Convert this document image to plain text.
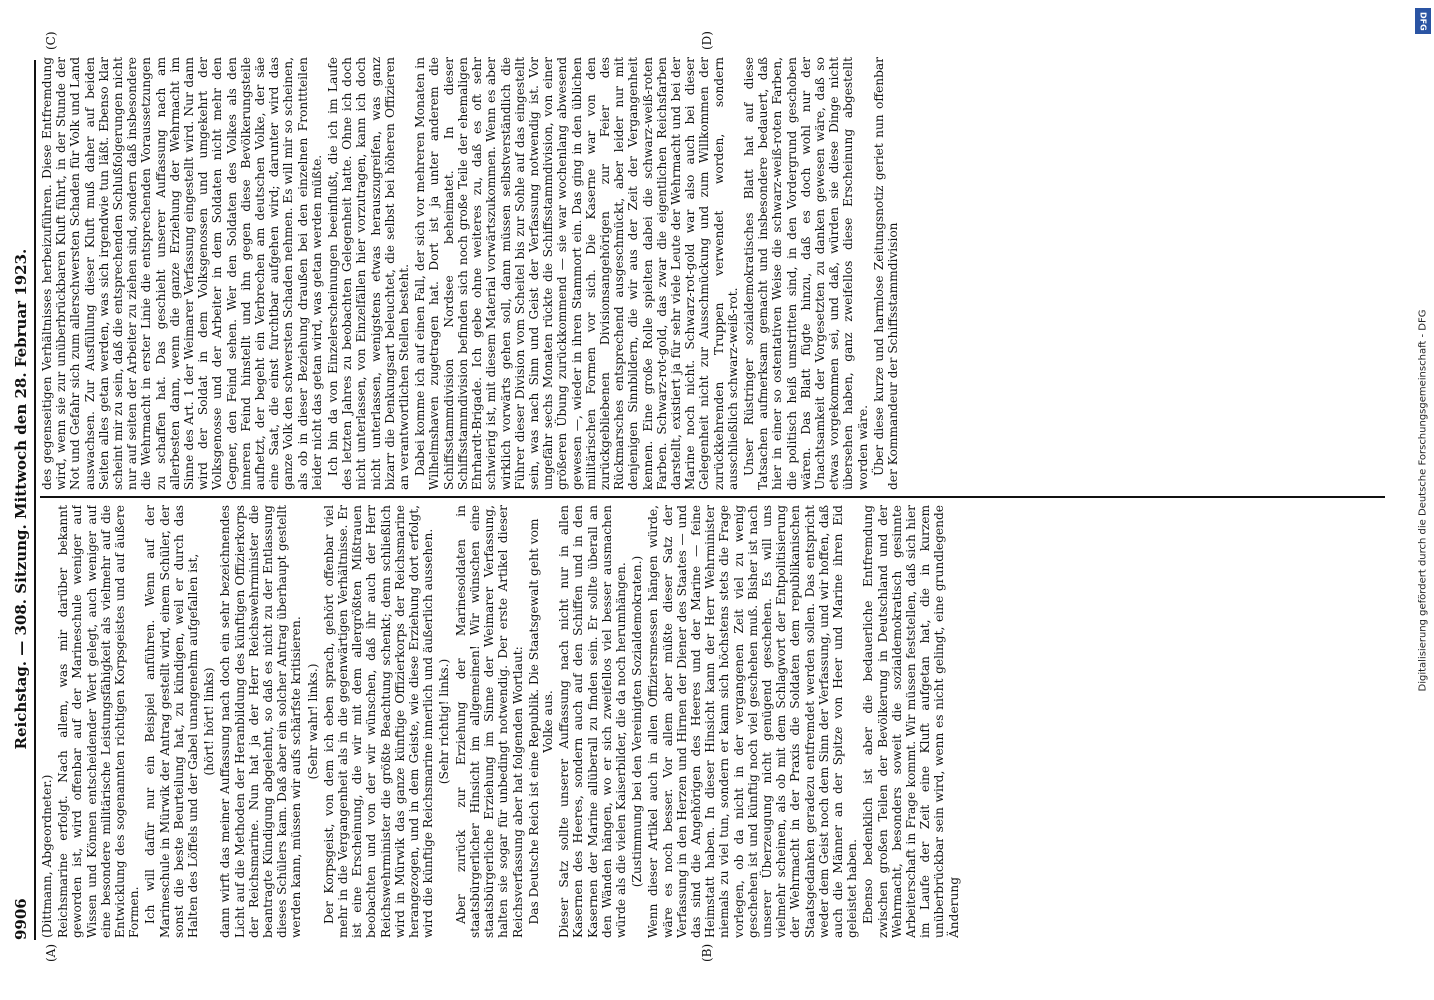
9906
Reichstag. — 308. Sitzung. Mittwoch den 28. Februar 1923.
(A)	(B)
(C)	(D)

(Dittmann, Abgeordneter.) Reichsmarine erfolgt. Nach allem, was mir darüber bekannt geworden ist, wird offenbar auf der Marineschule weniger auf Wissen und Können entscheidender Wert gelegt, auch weniger auf eine besondere militärische Leistungsfähigkeit als vielmehr auf die Entwicklung des sogenannten richtigen Korpsgeistes und auf äußere Formen. Ich will dafür nur ein Beispiel anführen. Wenn auf der Marineschule in Mürwik der Antrag gestellt wird, einem Schüler, der sonst die beste Beurteilung hat, zu kündigen, weil er durch das Halten des Löffels und der Gabel unangenehm aufgefallen ist, (hört! hört! links) dann wirft das meiner Auffassung nach doch ein sehr bezeichnendes Licht auf die Methoden der Heranbildung des künftigen Offizierkorps der Reichsmarine. Nun hat ja der Herr Reichswehrminister die beantragte Kündigung abgelehnt, so daß es nicht zu der Entlassung dieses Schülers kam. Daß aber ein solcher Antrag überhaupt gestellt werden kann, müssen wir aufs schärfste kritisieren. (Sehr wahr! links.) Der Korpsgeist, von dem ich eben sprach, gehört offenbar viel mehr in die Vergangenheit als in die gegenwärtigen Verhältnisse. Er ist eine Erscheinung, die wir mit dem allergrößten Mißtrauen beobachten und von der wir wünschen, daß ihr auch der Herr Reichswehrminister die größte Beachtung schenkt; denn schließlich wird in Mürwik das ganze künftige Offizierkorps der Reichsmarine herangezogen, und in dem Geiste, wie diese Erziehung dort erfolgt, wird die künftige Reichsmarine innerlich und äußerlich aussehen. (Sehr richtig! links.) Aber zurück zur Erziehung der Marinesoldaten in staatsbürgerlicher Hinsicht im allgemeinen! Wir wünschen eine staatsbürgerliche Erziehung im Sinne der Weimarer Verfassung, halten sie sogar für unbedingt notwendig. Der erste Artikel dieser Reichsverfassung aber hat folgenden Wortlaut: Das Deutsche Reich ist eine Republik. Die Staatsgewalt geht vom Volke aus. Dieser Satz sollte unserer Auffassung nach nicht nur in allen Kasernen des Heeres, sondern auch auf den Schiffen und in den Kasernen der Marine allüberall zu finden sein. Er sollte überall an den Wänden hängen, wo er sich zweifellos viel besser ausmachen würde als die vielen Kaiserbilder, die da noch herumhängen. (Zustimmung bei den Vereinigten Sozialdemokraten.) Wenn dieser Artikel auch in allen Offiziersmessen hängen würde, wäre es noch besser. Vor allem aber müßte dieser Satz der Verfassung in den Herzen und Hirnen der Diener des Staates — und das sind die Angehörigen des Heeres und der Marine — feine Heimstatt haben. In dieser Hinsicht kann der Herr Wehrminister niemals zu viel tun, sondern er kann sich höchstens stets die Frage vorlegen, ob da nicht in der vergangenen Zeit viel zu wenig geschehen ist und künftig noch viel geschehen muß. Bisher ist nach unserer Überzeugung nicht genügend geschehen. Es will uns vielmehr scheinen, als ob mit dem Schlagwort der Entpolitisierung der Wehrmacht in der Praxis die Soldaten dem republikanischen Staatsgedanken geradezu entfremdet werden sollen. Das entspricht weder dem Geist noch dem Sinn der Verfassung, und wir hoffen, daß auch die Männer an der Spitze von Heer und Marine ihren Eid geleistet haben. Ebenso bedenklich ist aber die bedauerliche Entfremdung zwischen großen Teilen der Bevölkerung in Deutschland und der Wehrmacht, besonders soweit die sozialdemokratisch gesinnte Arbeiterschaft in Frage kommt. Wir müssen feststellen, daß sich hier im Laufe der Zeit eine Kluft aufgetan hat, die in kurzem unüberbrückbar sein wird, wenn es nicht gelingt, eine grundlegende Änderung

des gegenseitigen Verhältnisses herbeizuführen. Diese Entfremdung wird, wenn sie zur unüberbrückbaren Kluft führt, in der Stunde der Not und Gefahr sich zum allerschwersten Schaden für Volk und Land auswachsen. Zur Ausfüllung dieser Kluft muß daher auf beiden Seiten alles getan werden, was sich irgendwie tun läßt. Ebenso klar scheint mir zu sein, daß die entsprechenden Schlußfolgerungen nicht nur auf seiten der Arbeiter zu ziehen sind, sondern daß insbesondere die Wehrmacht in erster Linie die entsprechenden Voraussetzungen zu schaffen hat. Das geschieht unserer Auffassung nach am allerbesten dann, wenn die ganze Erziehung der Wehrmacht im Sinne des Art. 1 der Weimarer Verfassung eingestellt wird. Nur dann wird der Soldat in dem Volksgenossen und umgekehrt der Volksgenosse und der Arbeiter in dem Soldaten nicht mehr den Gegner, den Feind sehen. Wer den Soldaten des Volkes als den inneren Feind hinstellt und ihn gegen diese Bevölkerungsteile aufhetzt, der begeht ein Verbrechen am deutschen Volke, der säe eine Saat, die einst furchtbar aufgehen wird; darunter wird das ganze Volk den schwersten Schaden nehmen. Es will mir so scheinen, als ob in dieser Beziehung draußen bei den einzelnen Fronttteilen leider nicht das getan wird, was getan werden müßte. Ich bin da von Einzelerscheinungen beeinflußt, die ich im Laufe des letzten Jahres zu beobachten Gelegenheit hatte. Ohne ich doch nicht unterlassen, von Einzelfällen hier vorzutragen, kann ich doch nicht unterlassen, wenigstens etwas herauszugreifen, was ganz bizarr die Denkungsart beleuchtet, die selbst bei höheren Offizieren an verantwortlichen Stellen besteht. Dabei komme ich auf einen Fall, der sich vor mehreren Monaten in Wilhelmshaven zugetragen hat. Dort ist ja unter anderem die Schiffsstammdivision Nordsee beheimatet. In dieser Schiffsstammdivision befinden sich noch große Teile der ehemaligen Ehrhardt-Brigade. Ich gebe ohne weiteres zu, daß es oft sehr schwierig ist, mit diesem Material vorwärtszukommen. Wenn es aber wirklich vorwärts gehen soll, dann müssen selbstverständlich die Führer dieser Division vom Scheitel bis zur Sohle auf das eingestellt sein, was nach Sinn und Geist der Verfassung notwendig ist. Vor ungefähr sechs Monaten rückte die Schiffsstammdivision, von einer größeren Übung zurückkommend — sie war wochenlang abwesend gewesen —, wieder in ihren Stammort ein. Das ging in den üblichen militärischen Formen vor sich. Die Kaserne war von den zurückgebliebenen Divisionsangehörigen zur Feier des Rückmarsches entsprechend ausgeschmückt, aber leider nur mit denjenigen Sinnbildern, die wir aus der Zeit der Vergangenheit kennen. Eine große Rolle spielten dabei die schwarz-weiß-roten Farben. Schwarz-rot-gold, das zwar die eigentlichen Reichsfarben darstellt, existiert ja für sehr viele Leute der Wehrmacht und bei der Marine noch nicht. Schwarz-rot-gold war also auch bei dieser Gelegenheit nicht zur Ausschmückung und zum Willkommen der zurückkehrenden Truppen verwendet worden, sondern ausschließlich schwarz-weiß-rot. Unser Rüstringer sozialdemokratisches Blatt hat auf diese Tatsachen aufmerksam gemacht und insbesondere bedauert, daß hier in einer so ostentativen Weise die schwarz-weiß-roten Farben, die politisch heiß umstritten sind, in den Vordergrund geschoben wären. Das Blatt fügte hinzu, daß es doch wohl nur der Unachtsamkeit der Vorgesetzten zu danken gewesen wäre, daß so etwas vorgekommen sei, und daß, würden sie diese Dinge nicht übersehen haben, ganz zweifellos diese Erscheinung abgestellt worden wäre. Über diese kurze und harmlose Zeitungsnotiz geriet nun offenbar der Kommandeur der Schiffsstammdivision

DFG
Digitalisierung gefördert durch die Deutsche Forschungsgemeinschaft - DFG
